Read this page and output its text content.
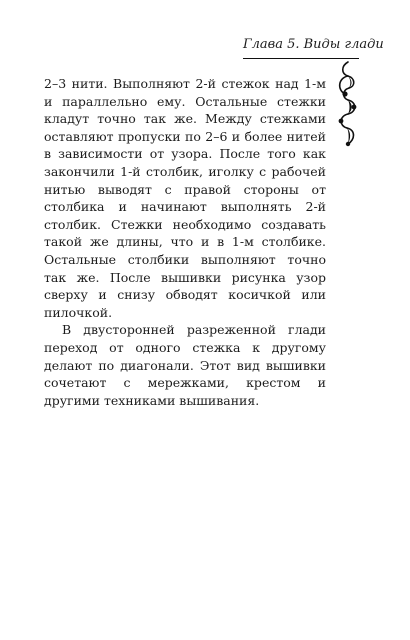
Глава 5. Виды глади

2–3 нити. Выполняют 2-й стежок над 1-м и параллельно ему. Остальные стежки кладут точно так же. Между стежками оставляют пропуски по 2–6 и более нитей в зависимости от узора. После того как закончили 1-й столбик, иголку с рабочей нитью выводят с правой стороны от столбика и начинают выполнять 2-й столбик. Стежки необходимо создавать такой же длины, что и в 1-м столбике. Остальные столбики выполняют точно так же. После вышивки рисунка узор сверху и снизу обводят косичкой или пилочкой.

В двусторонней разреженной глади переход от одного стежка к другому делают по диагонали. Этот вид вышивки сочетают с мережками, крестом и другими техниками вышивания.
